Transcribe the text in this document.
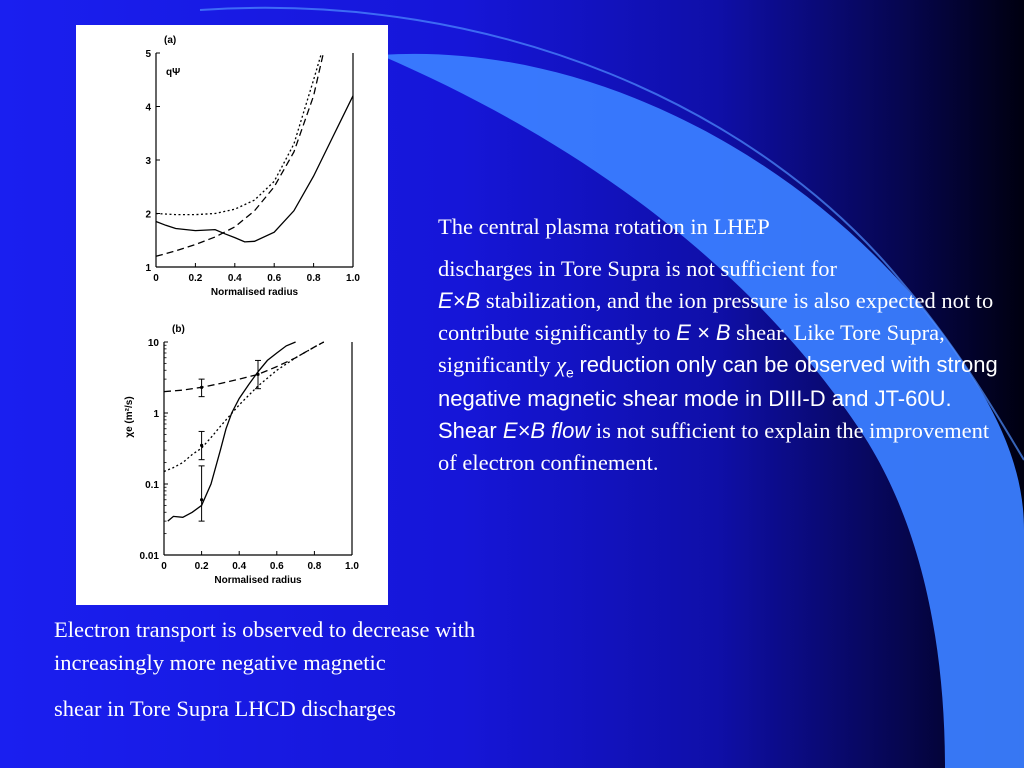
0	0.2	0.4	0.6	0.8	1.0
1
2
3
4
5
(a)
Normalised radius
qΨ
0	0.2 0.4 0.6 0.8 1.0
0.01
0.1
1
10
(b)
Normalised radius
χe (m²/s)

The central plasma rotation in LHEP

discharges in Tore Supra is not sufficient for
E×B stabilization, and the ion pressure is also expected not to contribute significantly to E × B shear. Like Tore Supra, significantly $\chi_e$ reduction only can be observed with strong negative magnetic shear mode in DIII-D and JT-60U. Shear E×B flow is not sufficient to explain the improvement of electron confinement.

Electron transport is observed to decrease with increasingly more negative magnetic

shear in Tore Supra LHCD discharges
